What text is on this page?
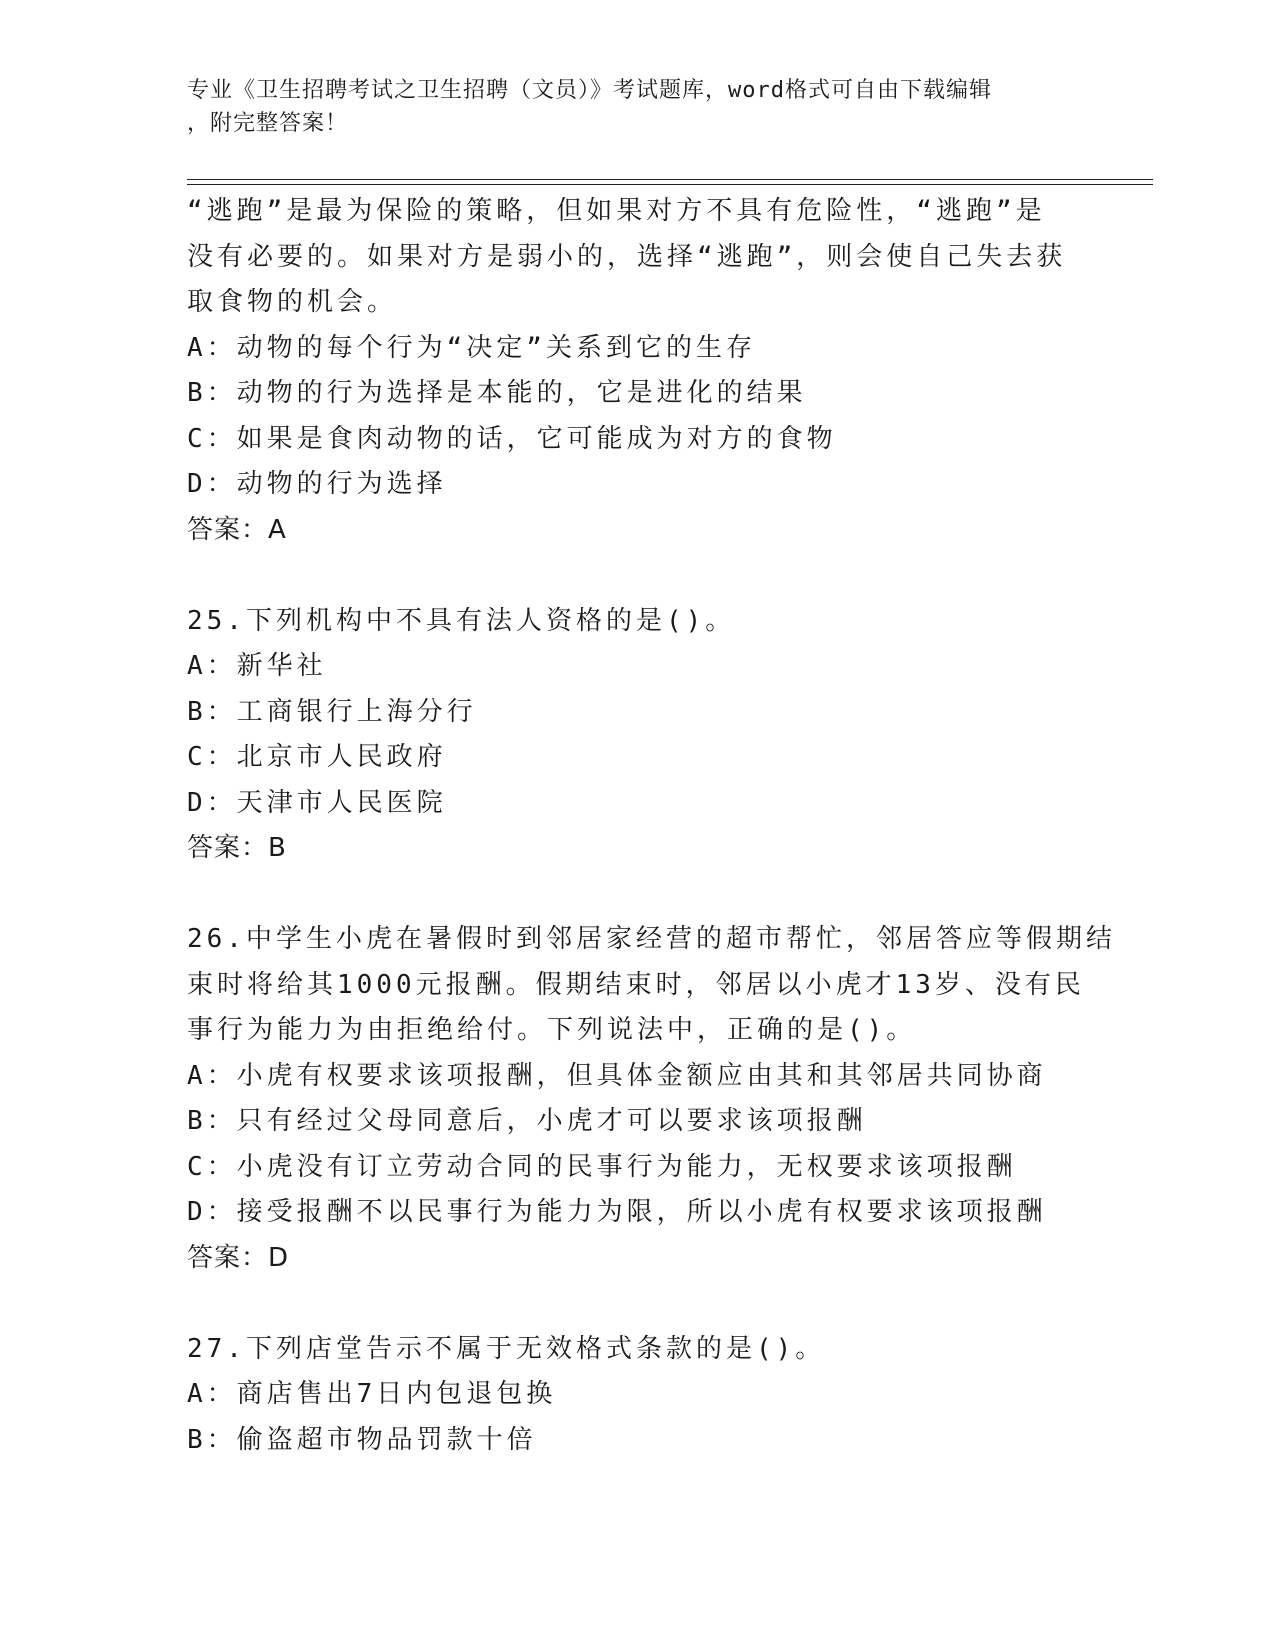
专业《卫生招聘考试之卫生招聘（文员）》考试题库，word格式可自由下载编辑
，附完整答案！
“逃跑”是最为保险的策略，但如果对方不具有危险性，“逃跑”是
没有必要的。如果对方是弱小的，选择“逃跑”，则会使自己失去获
取食物的机会。
A：动物的每个行为“决定”关系到它的生存
B：动物的行为选择是本能的，它是进化的结果
C：如果是食肉动物的话，它可能成为对方的食物
D：动物的行为选择
答案：A
25.下列机构中不具有法人资格的是()。
A：新华社
B：工商银行上海分行
C：北京市人民政府
D：天津市人民医院
答案：B
26.中学生小虎在暑假时到邻居家经营的超市帮忙，邻居答应等假期结
束时将给其1000元报酬。假期结束时，邻居以小虎才13岁、没有民
事行为能力为由拒绝给付。下列说法中，正确的是()。
A：小虎有权要求该项报酬，但具体金额应由其和其邻居共同协商
B：只有经过父母同意后，小虎才可以要求该项报酬
C：小虎没有订立劳动合同的民事行为能力，无权要求该项报酬
D：接受报酬不以民事行为能力为限，所以小虎有权要求该项报酬
答案：D
27.下列店堂告示不属于无效格式条款的是()。
A：商店售出7日内包退包换
B：偷盗超市物品罚款十倍
